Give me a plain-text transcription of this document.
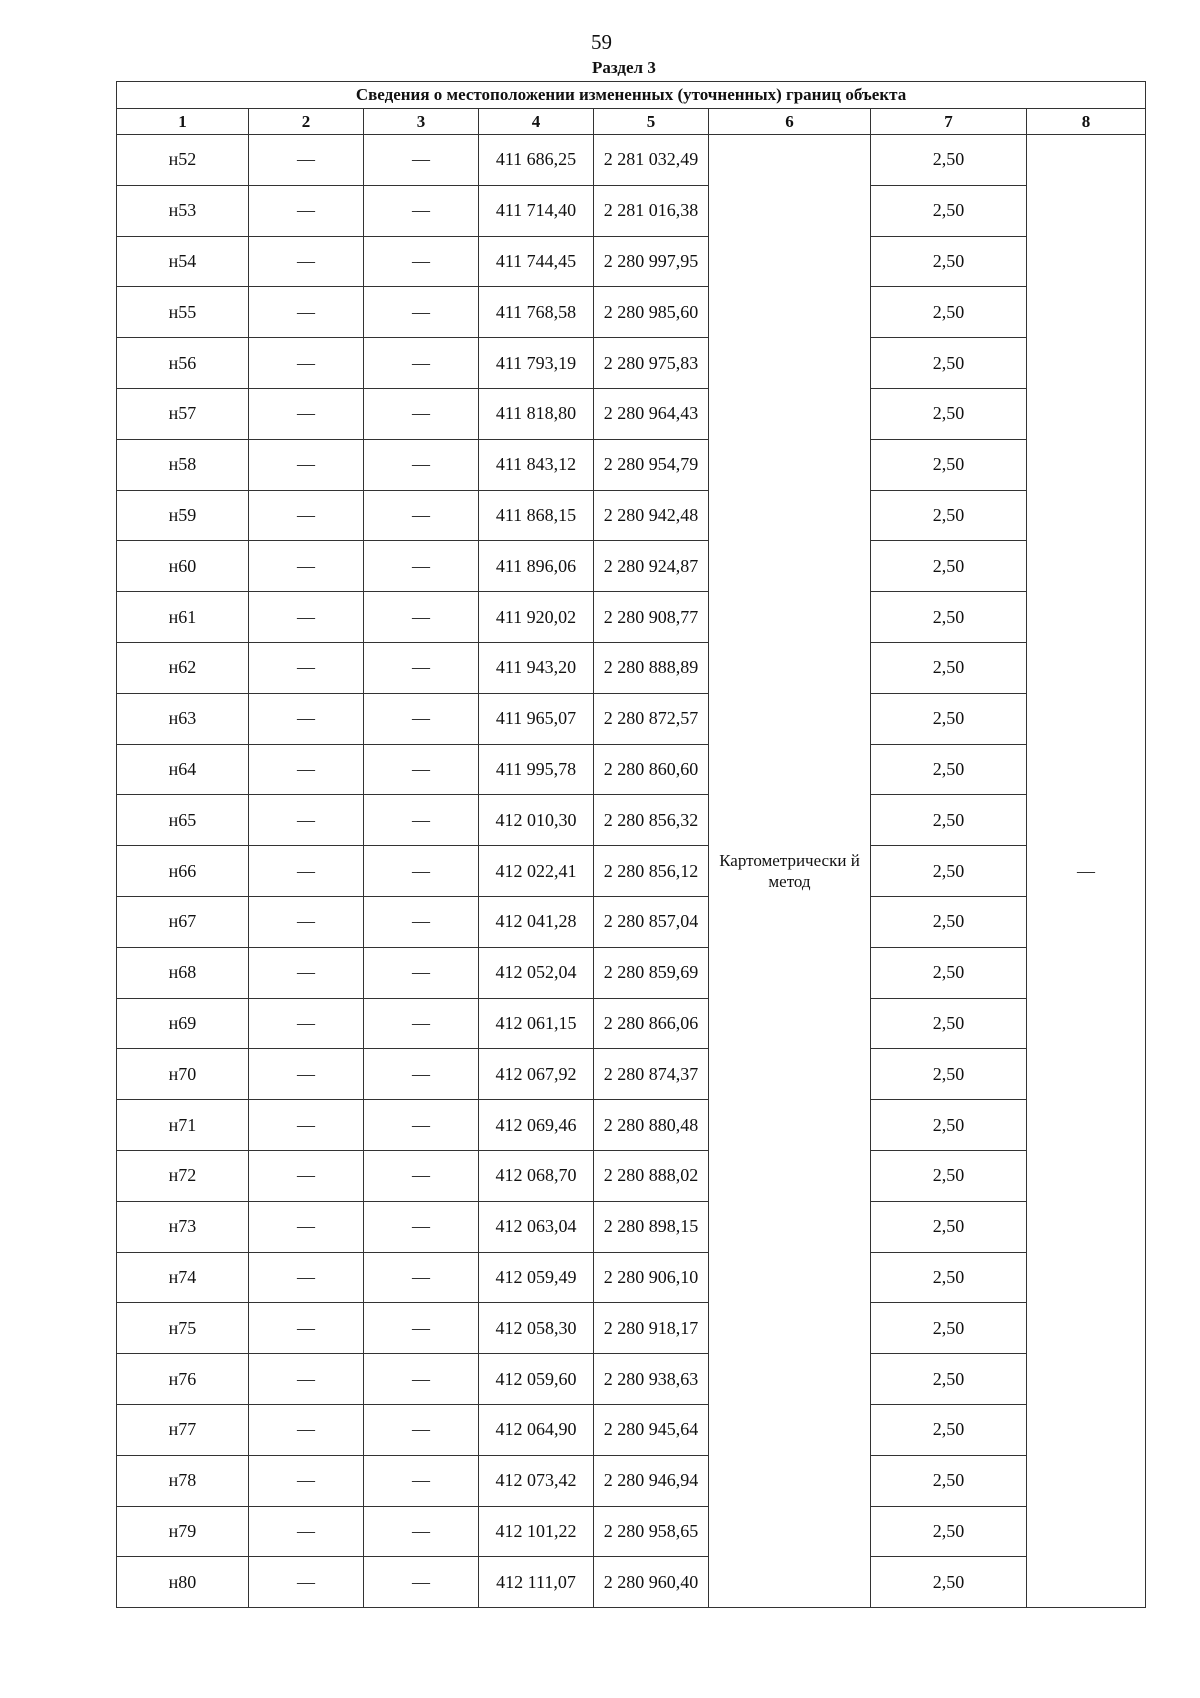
59
Раздел 3
Сведения о местоположении измененных (уточненных) границ объекта							
1	2	3	4	5	6	7	8
н52	—	—	411 686,25	2 281 032,49	Картометрически й метод	2,50	—
н53	—	—	411 714,40	2 281 016,38		2,50	
н54	—	—	411 744,45	2 280 997,95		2,50	
н55	—	—	411 768,58	2 280 985,60		2,50	
н56	—	—	411 793,19	2 280 975,83		2,50	
н57	—	—	411 818,80	2 280 964,43		2,50	
н58	—	—	411 843,12	2 280 954,79		2,50	
н59	—	—	411 868,15	2 280 942,48		2,50	
н60	—	—	411 896,06	2 280 924,87		2,50	
н61	—	—	411 920,02	2 280 908,77		2,50	
н62	—	—	411 943,20	2 280 888,89		2,50	
н63	—	—	411 965,07	2 280 872,57		2,50	
н64	—	—	411 995,78	2 280 860,60		2,50	
н65	—	—	412 010,30	2 280 856,32		2,50	
н66	—	—	412 022,41	2 280 856,12		2,50	
н67	—	—	412 041,28	2 280 857,04		2,50	
н68	—	—	412 052,04	2 280 859,69		2,50	
н69	—	—	412 061,15	2 280 866,06		2,50	
н70	—	—	412 067,92	2 280 874,37		2,50	
н71	—	—	412 069,46	2 280 880,48		2,50	
н72	—	—	412 068,70	2 280 888,02		2,50	
н73	—	—	412 063,04	2 280 898,15		2,50	
н74	—	—	412 059,49	2 280 906,10		2,50	
н75	—	—	412 058,30	2 280 918,17		2,50	
н76	—	—	412 059,60	2 280 938,63		2,50	
н77	—	—	412 064,90	2 280 945,64		2,50	
н78	—	—	412 073,42	2 280 946,94		2,50	
н79	—	—	412 101,22	2 280 958,65		2,50	
н80	—	—	412 111,07	2 280 960,40		2,50	
